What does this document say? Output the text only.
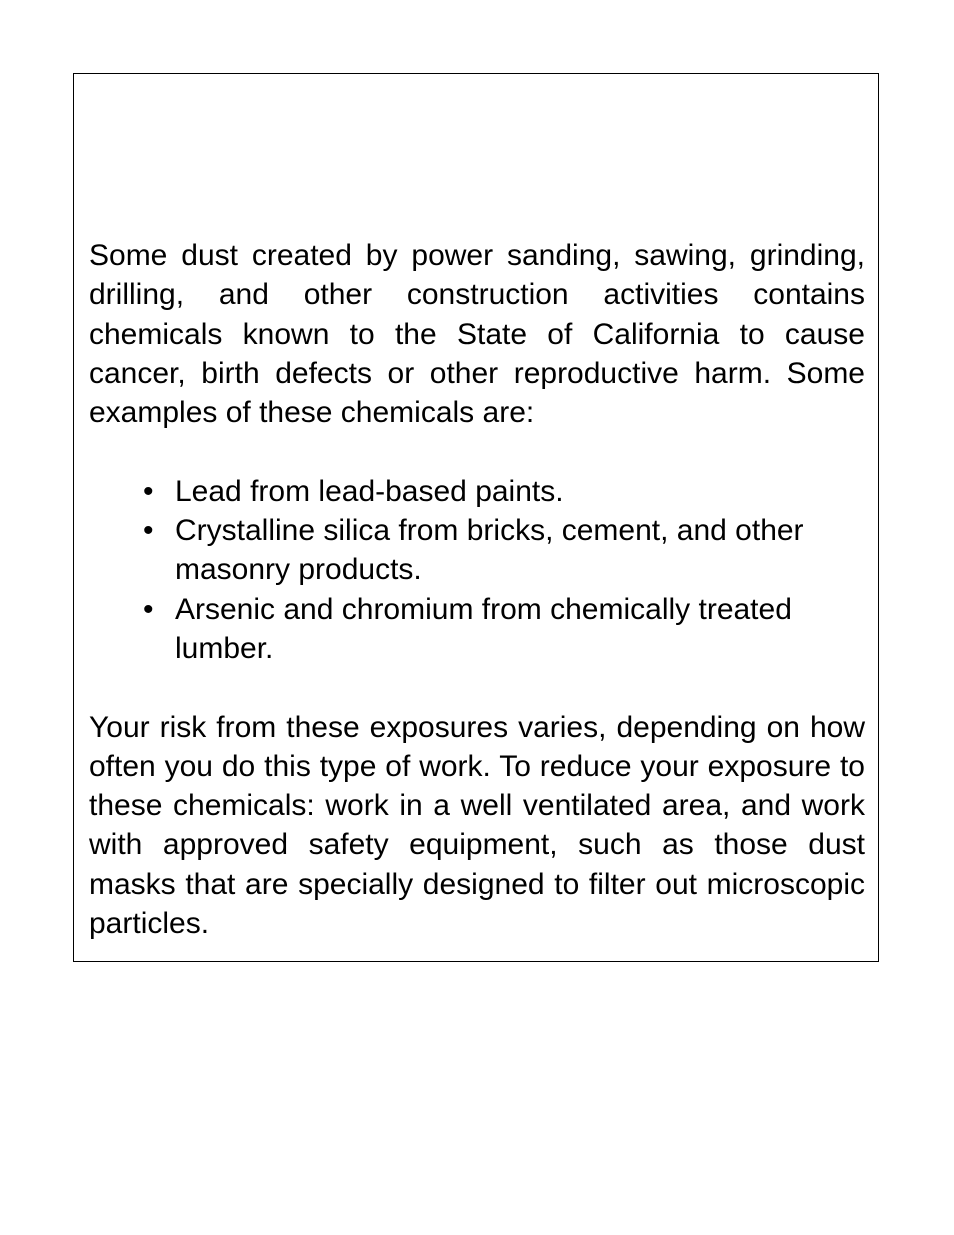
Some dust created by power sanding, sawing, grinding, drilling, and other construction activities contains chemicals known to the State of California to cause cancer, birth defects or other reproductive harm. Some examples of these chemicals are:

• Lead from lead-based paints.
• Crystalline silica from bricks, cement, and other masonry products.
• Arsenic and chromium from chemically treated lumber.

Your risk from these exposures varies, depending on how often you do this type of work. To reduce your exposure to these chemicals: work in a well ventilated area, and work with approved safety equipment, such as those dust masks that are specially designed to filter out microscopic particles.
